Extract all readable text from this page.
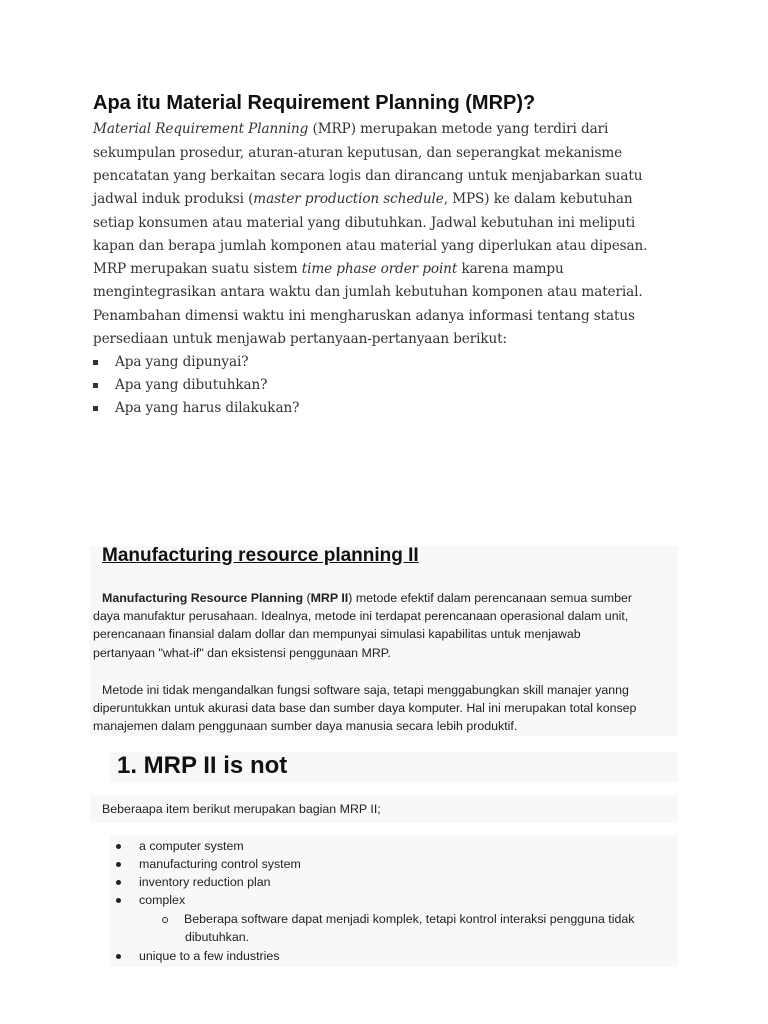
Apa itu Material Requirement Planning (MRP)?
Material Requirement Planning (MRP) merupakan metode yang terdiri dari
sekumpulan prosedur, aturan-aturan keputusan, dan seperangkat mekanisme
pencatatan yang berkaitan secara logis dan dirancang untuk menjabarkan suatu
jadwal induk produksi (master production schedule, MPS) ke dalam kebutuhan
setiap konsumen atau material yang dibutuhkan. Jadwal kebutuhan ini meliputi
kapan dan berapa jumlah komponen atau material yang diperlukan atau dipesan.
MRP merupakan suatu sistem time phase order point karena mampu
mengintegrasikan antara waktu dan jumlah kebutuhan komponen atau material.
Penambahan dimensi waktu ini mengharuskan adanya informasi tentang status
persediaan untuk menjawab pertanyaan-pertanyaan berikut:
Apa yang dipunyai?
Apa yang dibutuhkan?
Apa yang harus dilakukan?
Manufacturing resource planning II
Manufacturing Resource Planning (MRP II) metode efektif dalam perencanaan semua sumber
daya manufaktur perusahaan. Idealnya, metode ini terdapat perencanaan operasional dalam unit,
perencanaan finansial dalam dollar dan mempunyai simulasi kapabilitas untuk menjawab
pertanyaan "what-if" dan eksistensi penggunaan MRP.
Metode ini tidak mengandalkan fungsi software saja, tetapi menggabungkan skill manajer yanng
diperuntukkan untuk akurasi data base dan sumber daya komputer. Hal ini merupakan total konsep
manajemen dalam penggunaan sumber daya manusia secara lebih produktif.
1. MRP II is not
Beberaapa item berikut merupakan bagian MRP II;
a computer system
manufacturing control system
inventory reduction plan
complex
Beberapa software dapat menjadi komplek, tetapi kontrol interaksi pengguna tidak
dibutuhkan.
unique to a few industries
